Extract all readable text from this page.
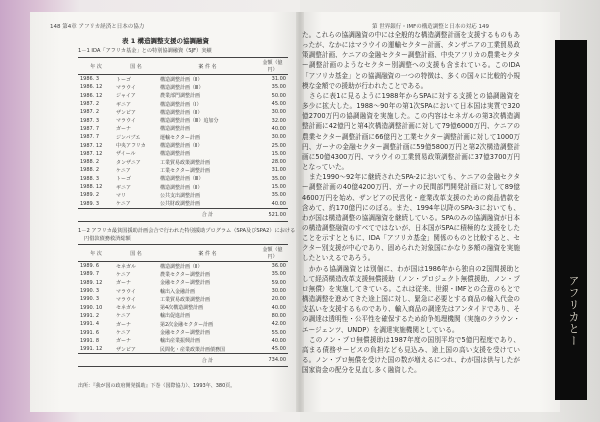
アフリカとー
148 第4章 アフリカ経済と日本の協力
表 1 構造調整支援の協調融資
1－1 IDA「アフリカ基金」との特別協調融資（SJF）実績
年 次	国 名	案 件 名	金額（億円）
1986. 3	トーゴ	構造調整計画（Ⅱ）	31.00
1986. 12	マラウイ	構造調整計画（Ⅲ）	35.00
1986. 12	ジャイア	農業部門調整計画	50.00
1987. 2	ギニア	構造調整計画（Ⅰ）	45.00
1987. 2	ザンビア	構造調整計画（Ⅱ）	30.00
1987. 3	マラウイ	構造調整計画（Ⅲ）追加分	32.00
1987. 7	ガーナ	構造調整計画	40.00
1987. 7	ジンバブエ	運輸セクター計画	30.00
1987. 12	中央アフリカ	構造調整計画（Ⅱ）	25.00
1987. 12	ザイール	構造調整計画	15.00
1988. 2	タンザニア	工業貿易政策調整計画	28.00
1988. 2	ケニア	工業セクター調整計画	31.00
1988. 3	トーゴ	構造調整計画（Ⅲ）	35.00
1988. 12	ギニア	構造調整計画（Ⅱ）	15.00
1989. 2	マリ	公共支出調整計画	35.00
1989. 3	ケニア	公共財政調整計画	40.00
		合 計	521.00
1－2 アフリカ最貧国援助計画会合で行われた特別援助プログラム（SPA及びSPA2）における
円借款債務救済総額
年 次	国 名	案 件 名	金額（億円）
1989. 6	セネガル	構造調整計画（Ⅱ）	36.00
1989. 7	ケニア	農業セクター調整計画	35.00
1989. 12	ガーナ	金融セクター調整計画	59.00
1990. 3	マラウイ	輸出入金融計画	30.00
1990. 3	マラウイ	工業貿易政策調整計画	20.00
1990. 10	セネガル	第4次構造調整計画	40.00
1991. 2	ケニア	輸出促進計画	80.00
1991. 4	ガーナ	第2次金融セクター計画	42.00
1991. 6	ケニア	金融セクター調整計画	55.00
1991. 8	ガーナ	輸出産業振興計画	40.00
1991. 12	ザンビア	民間化・産業政策計画債務国	45.00
		合 計	734.00
出所：『我が国の政府開発援助』下巻（国際協力）、1993年、380頁。
第 世界銀行・IMFの構造調整と日本の対応 149

た。これらの協調融資の中には全般的な構造調整計画を支援するものもあったが、なかにはマラウイの運輸セクター計画、タンザニアの工業貿易政策調整計画、ケニアの金融セクター調整計画、中央アフリカの農業セクター調整計画のようなセクター別調整への支援も含まれている。このIDA「アフリカ基金」との協調融資の一つの特徴は、多くの国々に比較的小規模な金額での援助が行われたことである。

さらに表1に見るように1988年からSPAに対する支援との協調融資を多少に拡大した。1988～90年の第1次SPAにおいて日本国は実質で320億2700万円の協調融資を実施した。この内容はセネガルの第3次構造調整計画に42億円と第4次構造調整計画に対して79億6000万円、ケニアの農業セクター調整計画に66億円と工業セクター調整計画に対して1000万円、ガーナの金融セクター調整計画に59億5800万円と第2次構造調整計画に50億4300万円、マラウイの工業貿易政策調整計画に37億3700万円となっていた。

また1990～92年に継続されたSPA-2においても、ケニアの金融セクター調整計画の40億4200万円、ガーナの民間部門開発計画に対して89億4600万円を始め、ザンビアの民営化・産業改革支援のための商品借款を含めて、約170億円にのぼる。また、1994年以降のSPA-3においても、わが国は構造調整の協調融資を継続している。SPAのみの協調融資が日本の構造調整融資のすべてではないが、日本国がSPAに積極的な支援をしたことを示すとともに、IDA「アフリカ基金」関係のものと比較すると、セクター別支援が中心であり、固められた対象国にかなり多額の融資を実施したといえるであろう。

かかる協調融資とは別個に、わが国は1986年から独自の2国間援助として経済構造改革支援無償援助（ノン・プロジェクト無償援助、ノン・プロ無償）を実施してきている。これは従来、世銀・IMFとの合意のもとで構造調整を進めてきた途上国に対し、緊急に必要とする商品の輸入代金の支払いを支援するものであり、輸入商品の調達先はアンタイドであり、その調達は透明性・公平性を確保するため紛争処理機関（実施のクラウン・エージェンツ、UNDP）を調達実施機関としている。

このノン・プロ無償援助は1987年度の国別平均で5億円程度であり、高まる債務サービスの負担なども見込み、途上国の高い支援を受けている。ノン・プロ無償を受けた国の数が増えるにつれ、わが国は供与したが国家資金の配分を見直し多く融資した。
